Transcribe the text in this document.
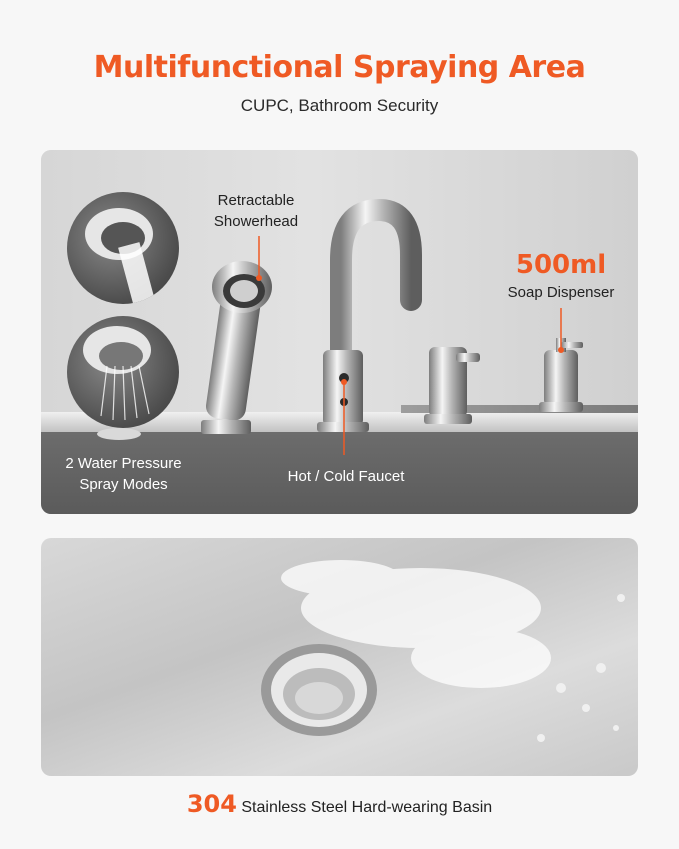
Multifunctional Spraying Area
CUPC, Bathroom Security
Retractable Showerhead
500ml
Soap Dispenser
2 Water Pressure Spray Modes	Hot / Cold Faucet
304 Stainless Steel Hard-wearing Basin
